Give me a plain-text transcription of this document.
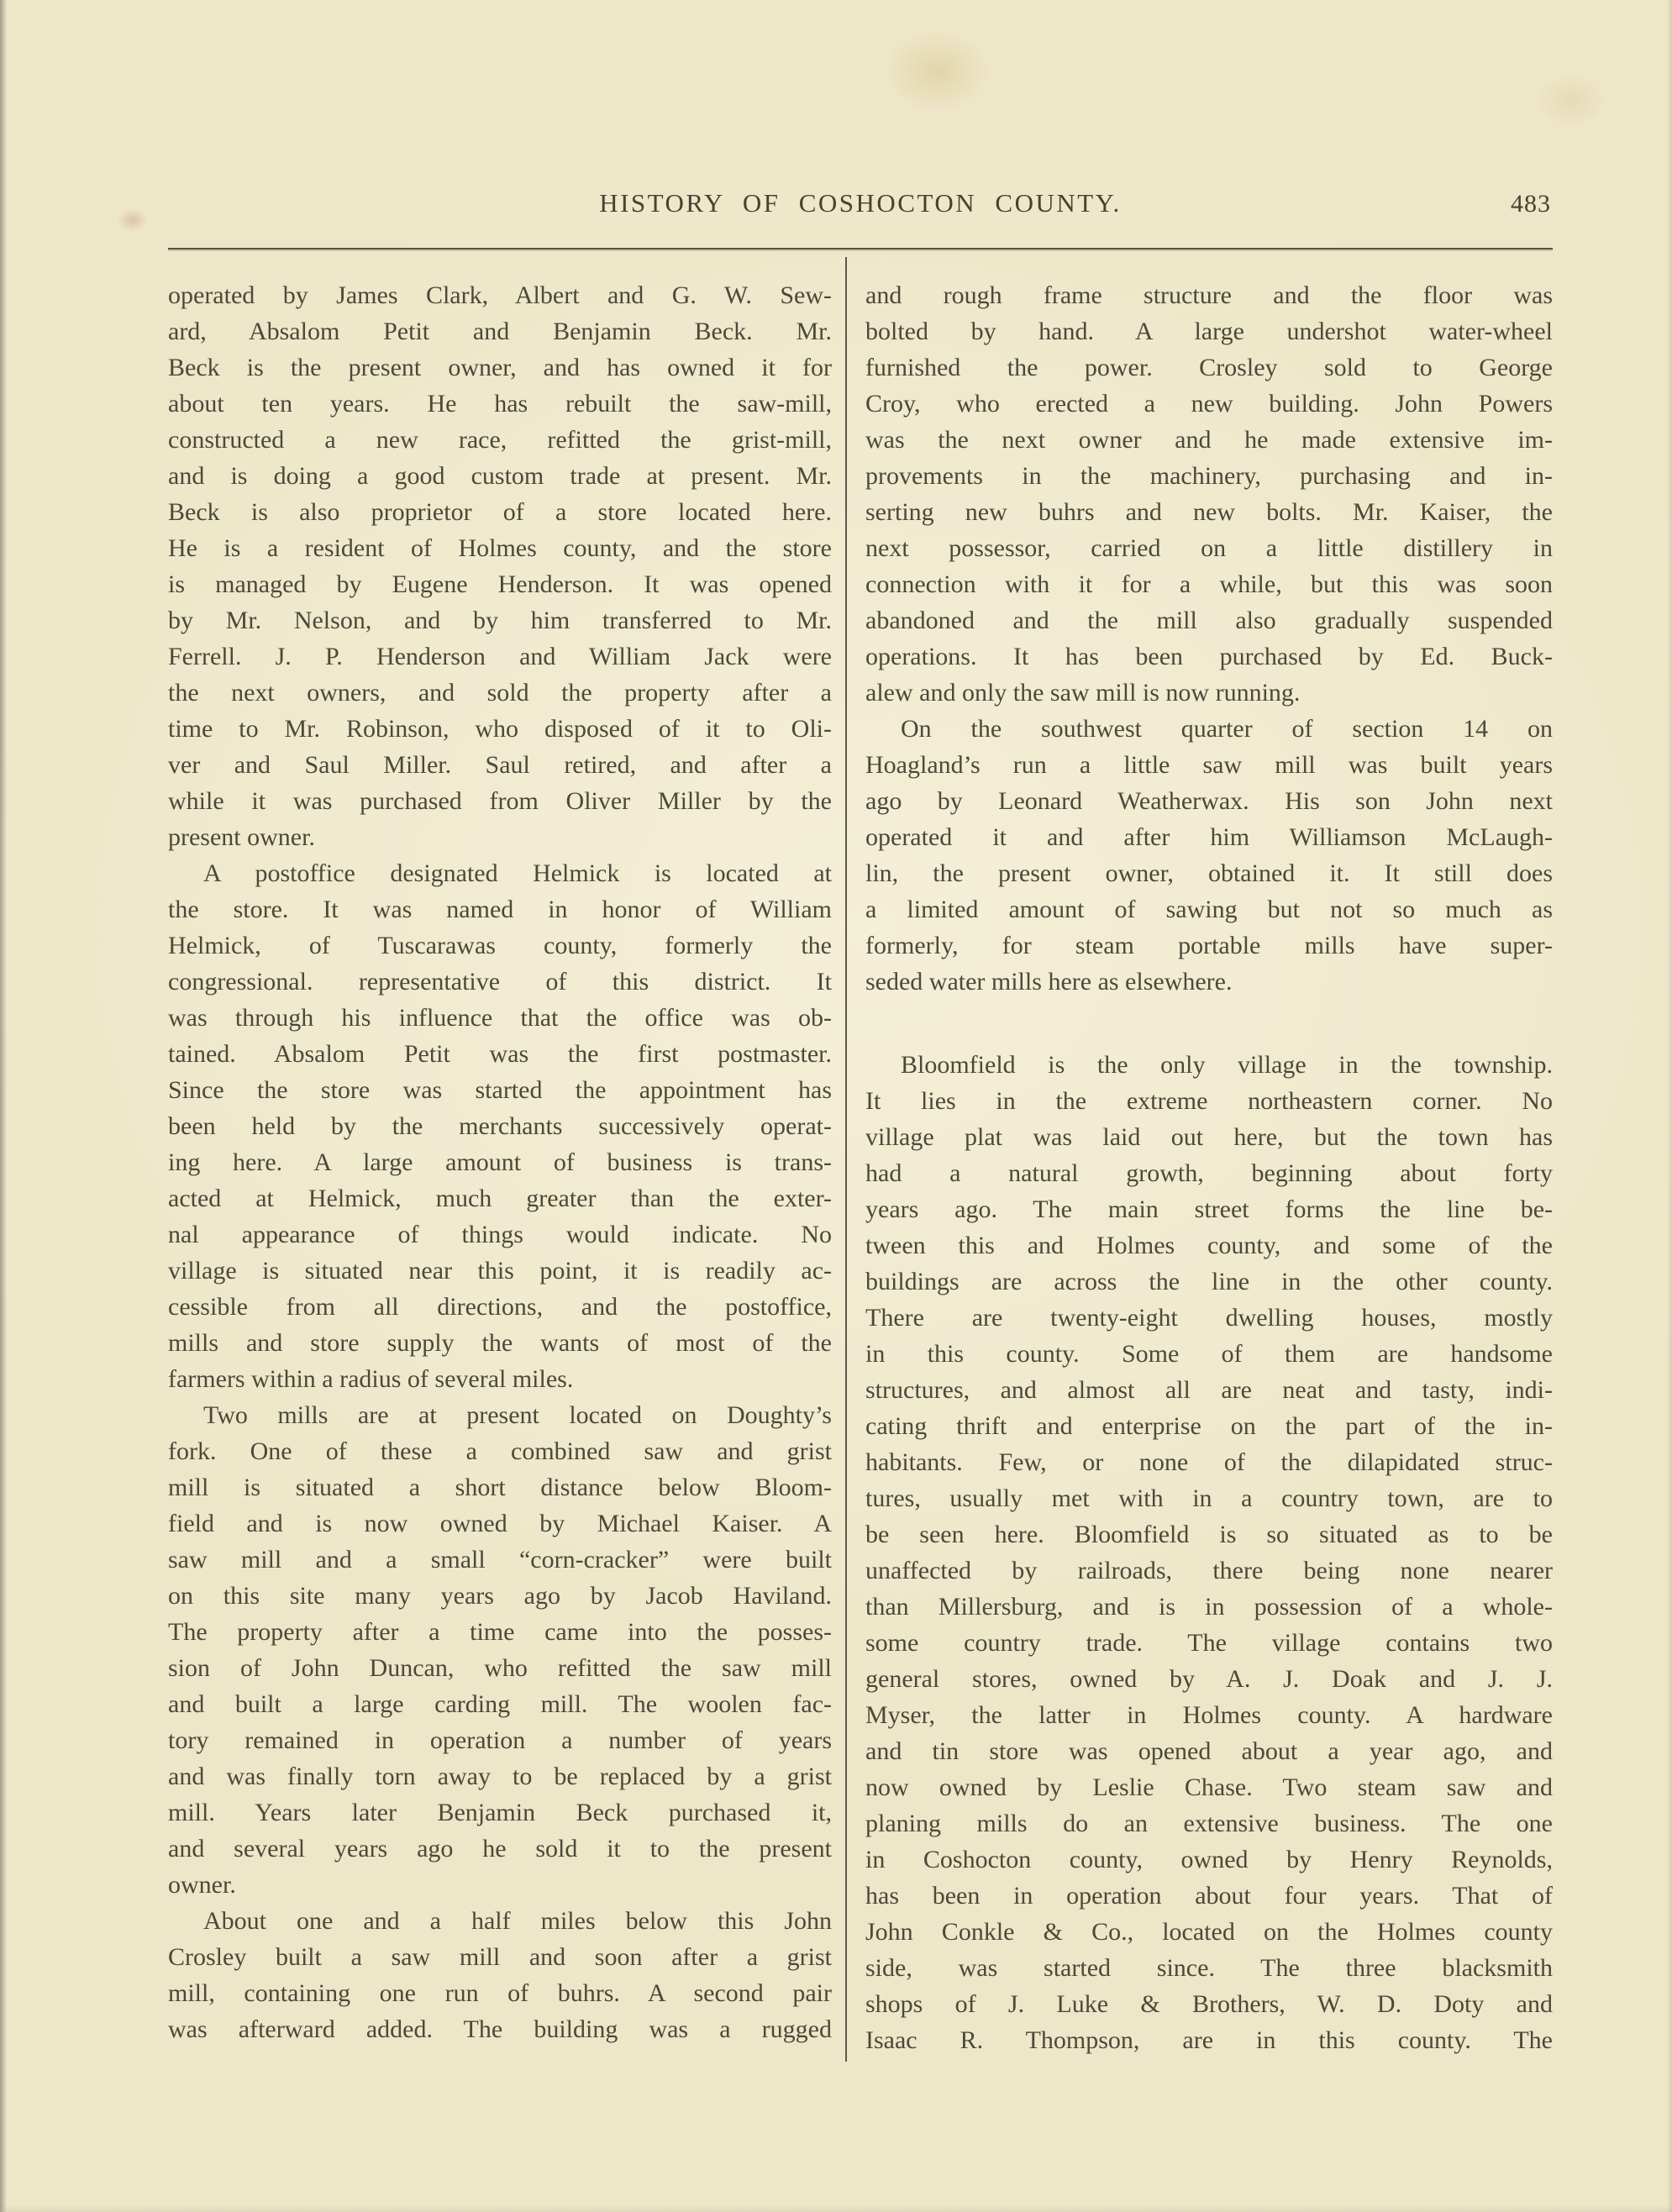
HISTORY OF COSHOCTON COUNTY.	483
operated by James Clark, Albert and G. W. Sew-
ard, Absalom Petit and Benjamin Beck. Mr.
Beck is the present owner, and has owned it for
about ten years. He has rebuilt the saw-mill,
constructed a new race, refitted the grist-mill,
and is doing a good custom trade at present. Mr.
Beck is also proprietor of a store located here.
He is a resident of Holmes county, and the store
is managed by Eugene Henderson. It was opened
by Mr. Nelson, and by him transferred to Mr.
Ferrell. J. P. Henderson and William Jack were
the next owners, and sold the property after a
time to Mr. Robinson, who disposed of it to Oli-
ver and Saul Miller. Saul retired, and after a
while it was purchased from Oliver Miller by the
present owner.
A postoffice designated Helmick is located at
the store. It was named in honor of William
Helmick, of Tuscarawas county, formerly the
congressional. representative of this district. It
was through his influence that the office was ob-
tained. Absalom Petit was the first postmaster.
Since the store was started the appointment has
been held by the merchants successively operat-
ing here. A large amount of business is trans-
acted at Helmick, much greater than the exter-
nal appearance of things would indicate. No
village is situated near this point, it is readily ac-
cessible from all directions, and the postoffice,
mills and store supply the wants of most of the
farmers within a radius of several miles.
Two mills are at present located on Doughty’s
fork. One of these a combined saw and grist
mill is situated a short distance below Bloom-
field and is now owned by Michael Kaiser. A
saw mill and a small “corn-cracker” were built
on this site many years ago by Jacob Haviland.
The property after a time came into the posses-
sion of John Duncan, who refitted the saw mill
and built a large carding mill. The woolen fac-
tory remained in operation a number of years
and was finally torn away to be replaced by a grist
mill. Years later Benjamin Beck purchased it,
and several years ago he sold it to the present
owner.
About one and a half miles below this John
Crosley built a saw mill and soon after a grist
mill, containing one run of buhrs. A second pair
was afterward added. The building was a rugged
and rough frame structure and the floor was
bolted by hand. A large undershot water-wheel
furnished the power. Crosley sold to George
Croy, who erected a new building. John Powers
was the next owner and he made extensive im-
provements in the machinery, purchasing and in-
serting new buhrs and new bolts. Mr. Kaiser, the
next possessor, carried on a little distillery in
connection with it for a while, but this was soon
abandoned and the mill also gradually suspended
operations. It has been purchased by Ed. Buck-
alew and only the saw mill is now running.
On the southwest quarter of section 14 on
Hoagland’s run a little saw mill was built years
ago by Leonard Weatherwax. His son John next
operated it and after him Williamson McLaugh-
lin, the present owner, obtained it. It still does
a limited amount of sawing but not so much as
formerly, for steam portable mills have super-
seded water mills here as elsewhere.
Bloomfield is the only village in the township.
It lies in the extreme northeastern corner. No
village plat was laid out here, but the town has
had a natural growth, beginning about forty
years ago. The main street forms the line be-
tween this and Holmes county, and some of the
buildings are across the line in the other county.
There are twenty-eight dwelling houses, mostly
in this county. Some of them are handsome
structures, and almost all are neat and tasty, indi-
cating thrift and enterprise on the part of the in-
habitants. Few, or none of the dilapidated struc-
tures, usually met with in a country town, are to
be seen here. Bloomfield is so situated as to be
unaffected by railroads, there being none nearer
than Millersburg, and is in possession of a whole-
some country trade. The village contains two
general stores, owned by A. J. Doak and J. J.
Myser, the latter in Holmes county. A hardware
and tin store was opened about a year ago, and
now owned by Leslie Chase. Two steam saw and
planing mills do an extensive business. The one
in Coshocton county, owned by Henry Reynolds,
has been in operation about four years. That of
John Conkle & Co., located on the Holmes county
side, was started since. The three blacksmith
shops of J. Luke & Brothers, W. D. Doty and
Isaac R. Thompson, are in this county. The
